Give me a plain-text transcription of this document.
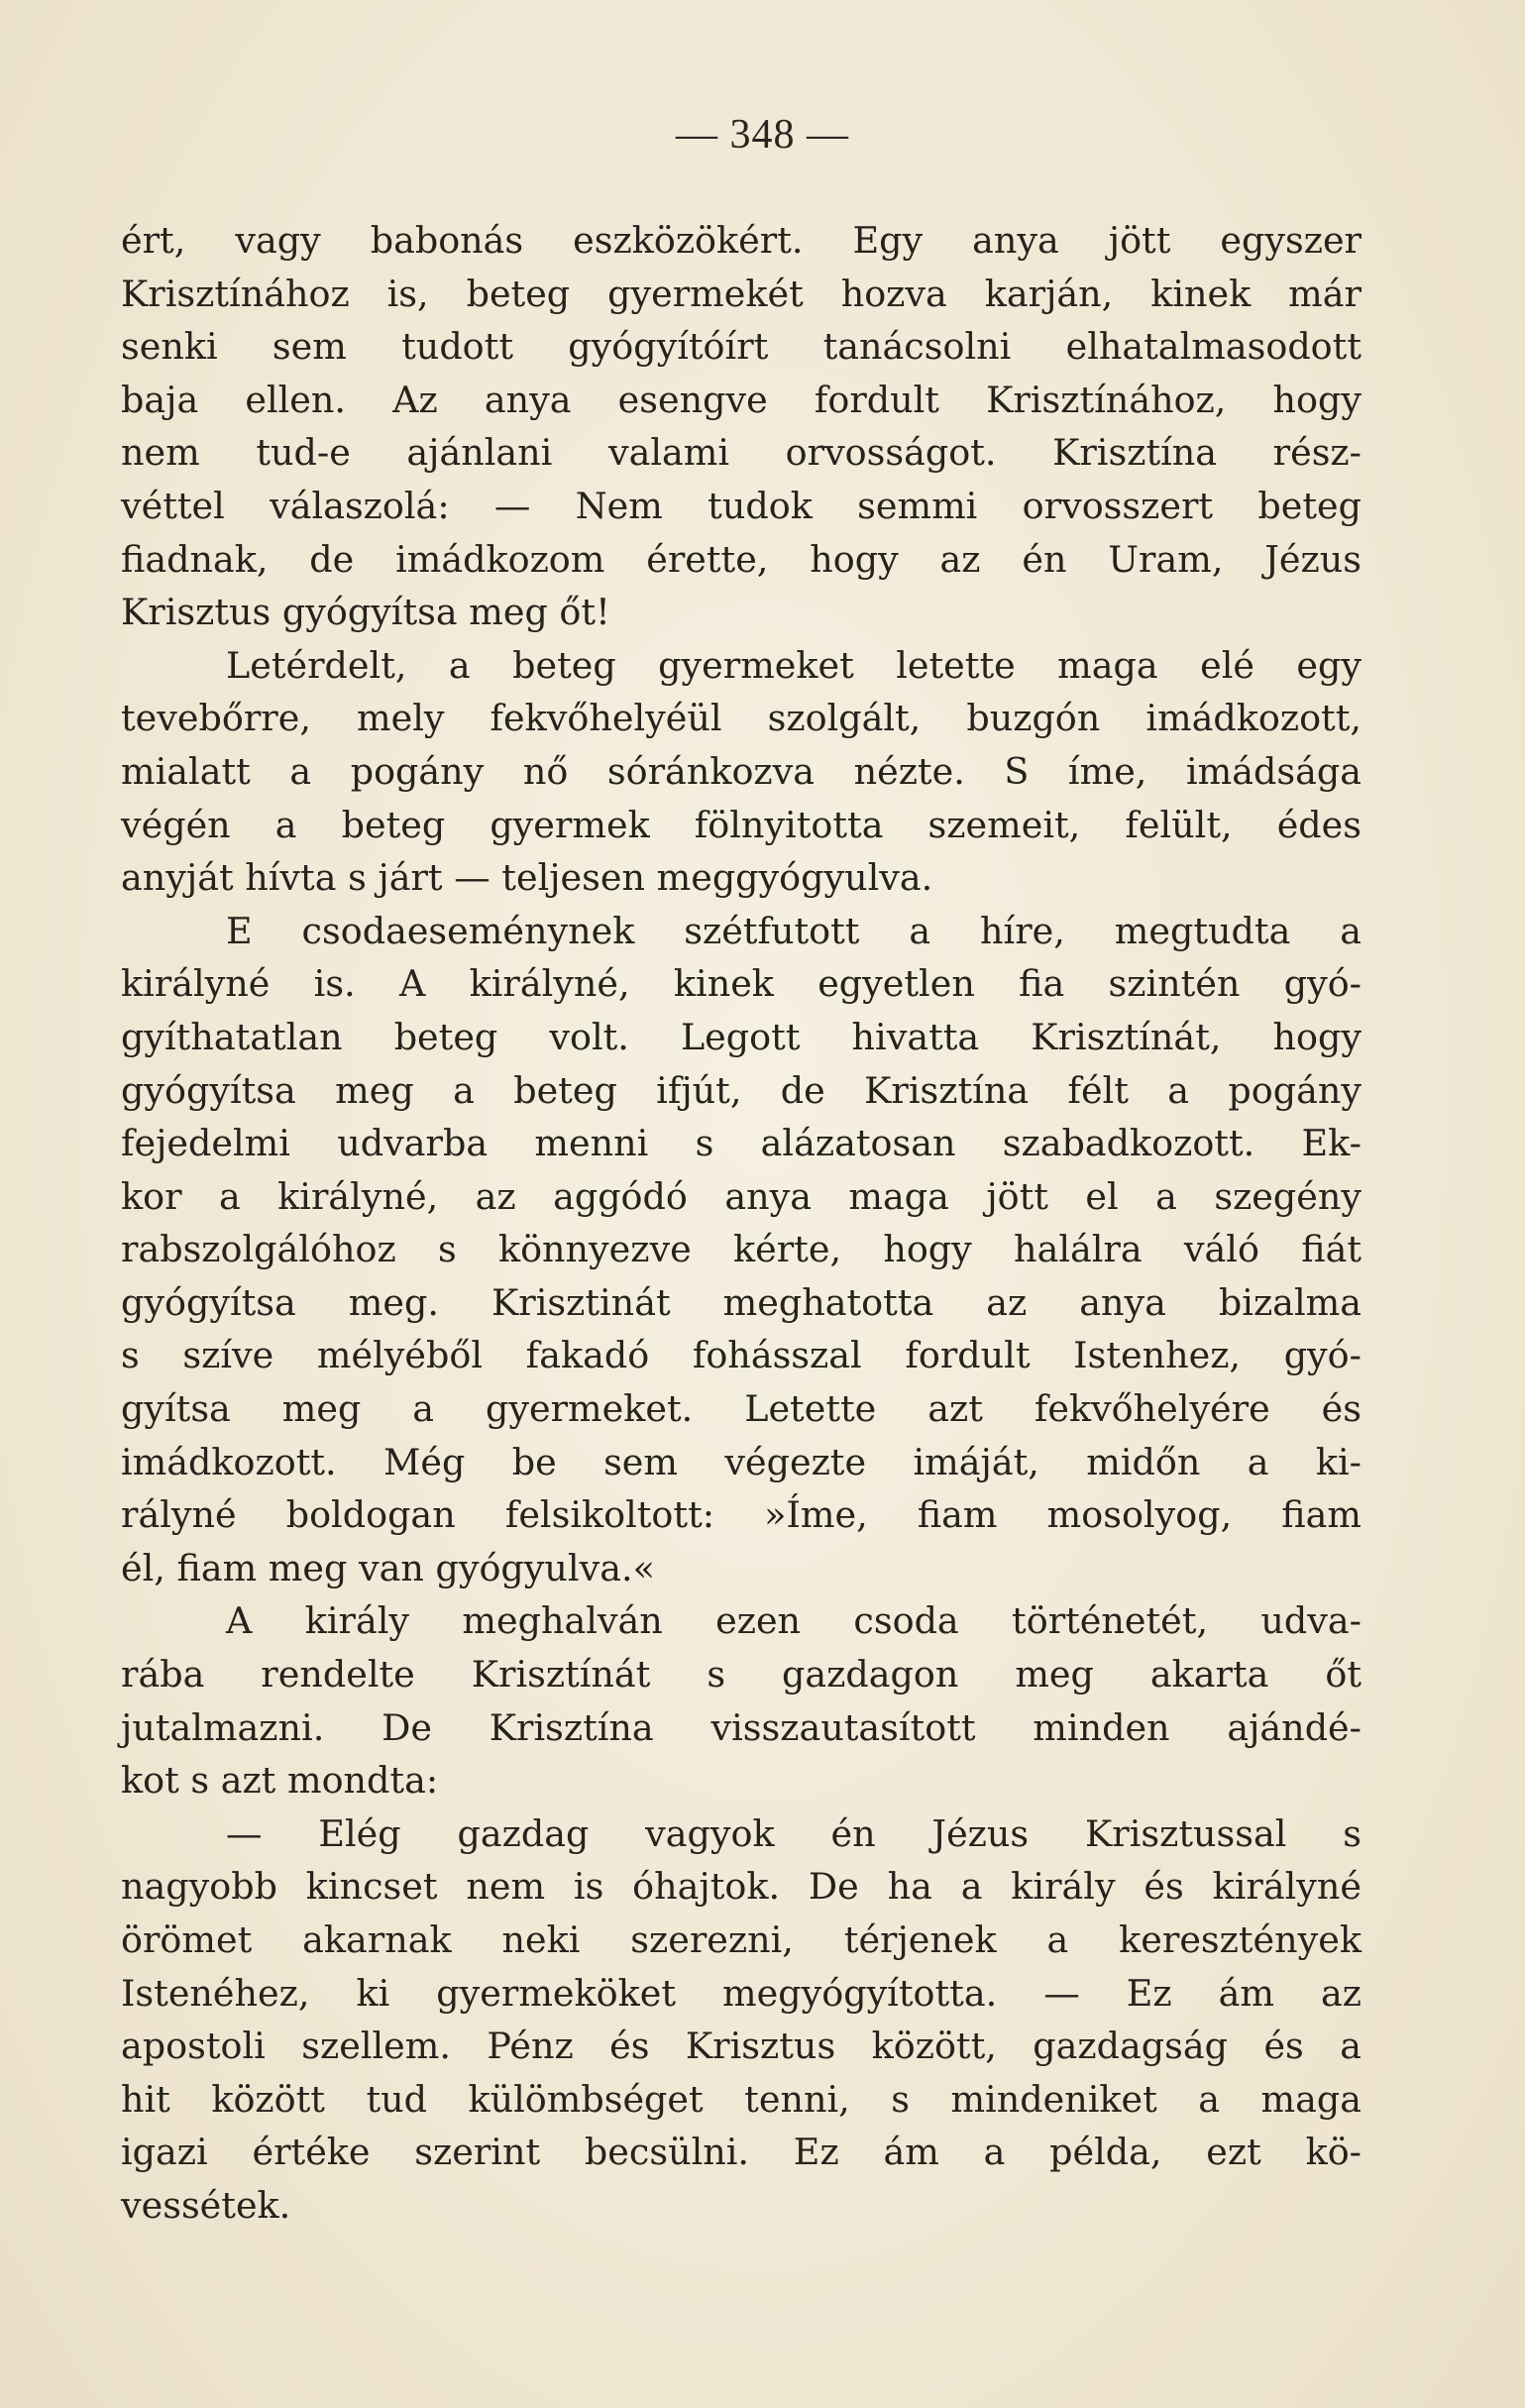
— 348 —
ért, vagy babonás eszközökért. Egy anya jött egyszer
Krisztínához is, beteg gyermekét hozva karján, kinek már
senki sem tudott gyógyítóírt tanácsolni elhatalmasodott
baja ellen. Az anya esengve fordult Krisztínához, hogy
nem tud-e ajánlani valami orvosságot. Krisztína rész-
véttel válaszolá: — Nem tudok semmi orvosszert beteg
fiadnak, de imádkozom érette, hogy az én Uram, Jézus
Krisztus gyógyítsa meg őt!
Letérdelt, a beteg gyermeket letette maga elé egy
tevebőrre, mely fekvőhelyéül szolgált, buzgón imádkozott,
mialatt a pogány nő sóránkozva nézte. S íme, imádsága
végén a beteg gyermek fölnyitotta szemeit, felült, édes
anyját hívta s járt — teljesen meggyógyulva.
E csodaeseménynek szétfutott a híre, megtudta a
királyné is. A királyné, kinek egyetlen fia szintén gyó-
gyíthatatlan beteg volt. Legott hivatta Krisztínát, hogy
gyógyítsa meg a beteg ifjút, de Krisztína félt a pogány
fejedelmi udvarba menni s alázatosan szabadkozott. Ek-
kor a királyné, az aggódó anya maga jött el a szegény
rabszolgálóhoz s könnyezve kérte, hogy halálra váló fiát
gyógyítsa meg. Krisztinát meghatotta az anya bizalma
s szíve mélyéből fakadó fohásszal fordult Istenhez, gyó-
gyítsa meg a gyermeket. Letette azt fekvőhelyére és
imádkozott. Még be sem végezte imáját, midőn a ki-
rályné boldogan felsikoltott: »Íme, fiam mosolyog, fiam
él, fiam meg van gyógyulva.«
A király meghalván ezen csoda történetét, udva-
rába rendelte Krisztínát s gazdagon meg akarta őt
jutalmazni. De Krisztína visszautasított minden ajándé-
kot s azt mondta:
— Elég gazdag vagyok én Jézus Krisztussal s
nagyobb kincset nem is óhajtok. De ha a király és királyné
örömet akarnak neki szerezni, térjenek a keresztények
Istenéhez, ki gyermeköket megyógyította. — Ez ám az
apostoli szellem. Pénz és Krisztus között, gazdagság és a
hit között tud külömbséget tenni, s mindeniket a maga
igazi értéke szerint becsülni. Ez ám a példa, ezt kö-
vessétek.
